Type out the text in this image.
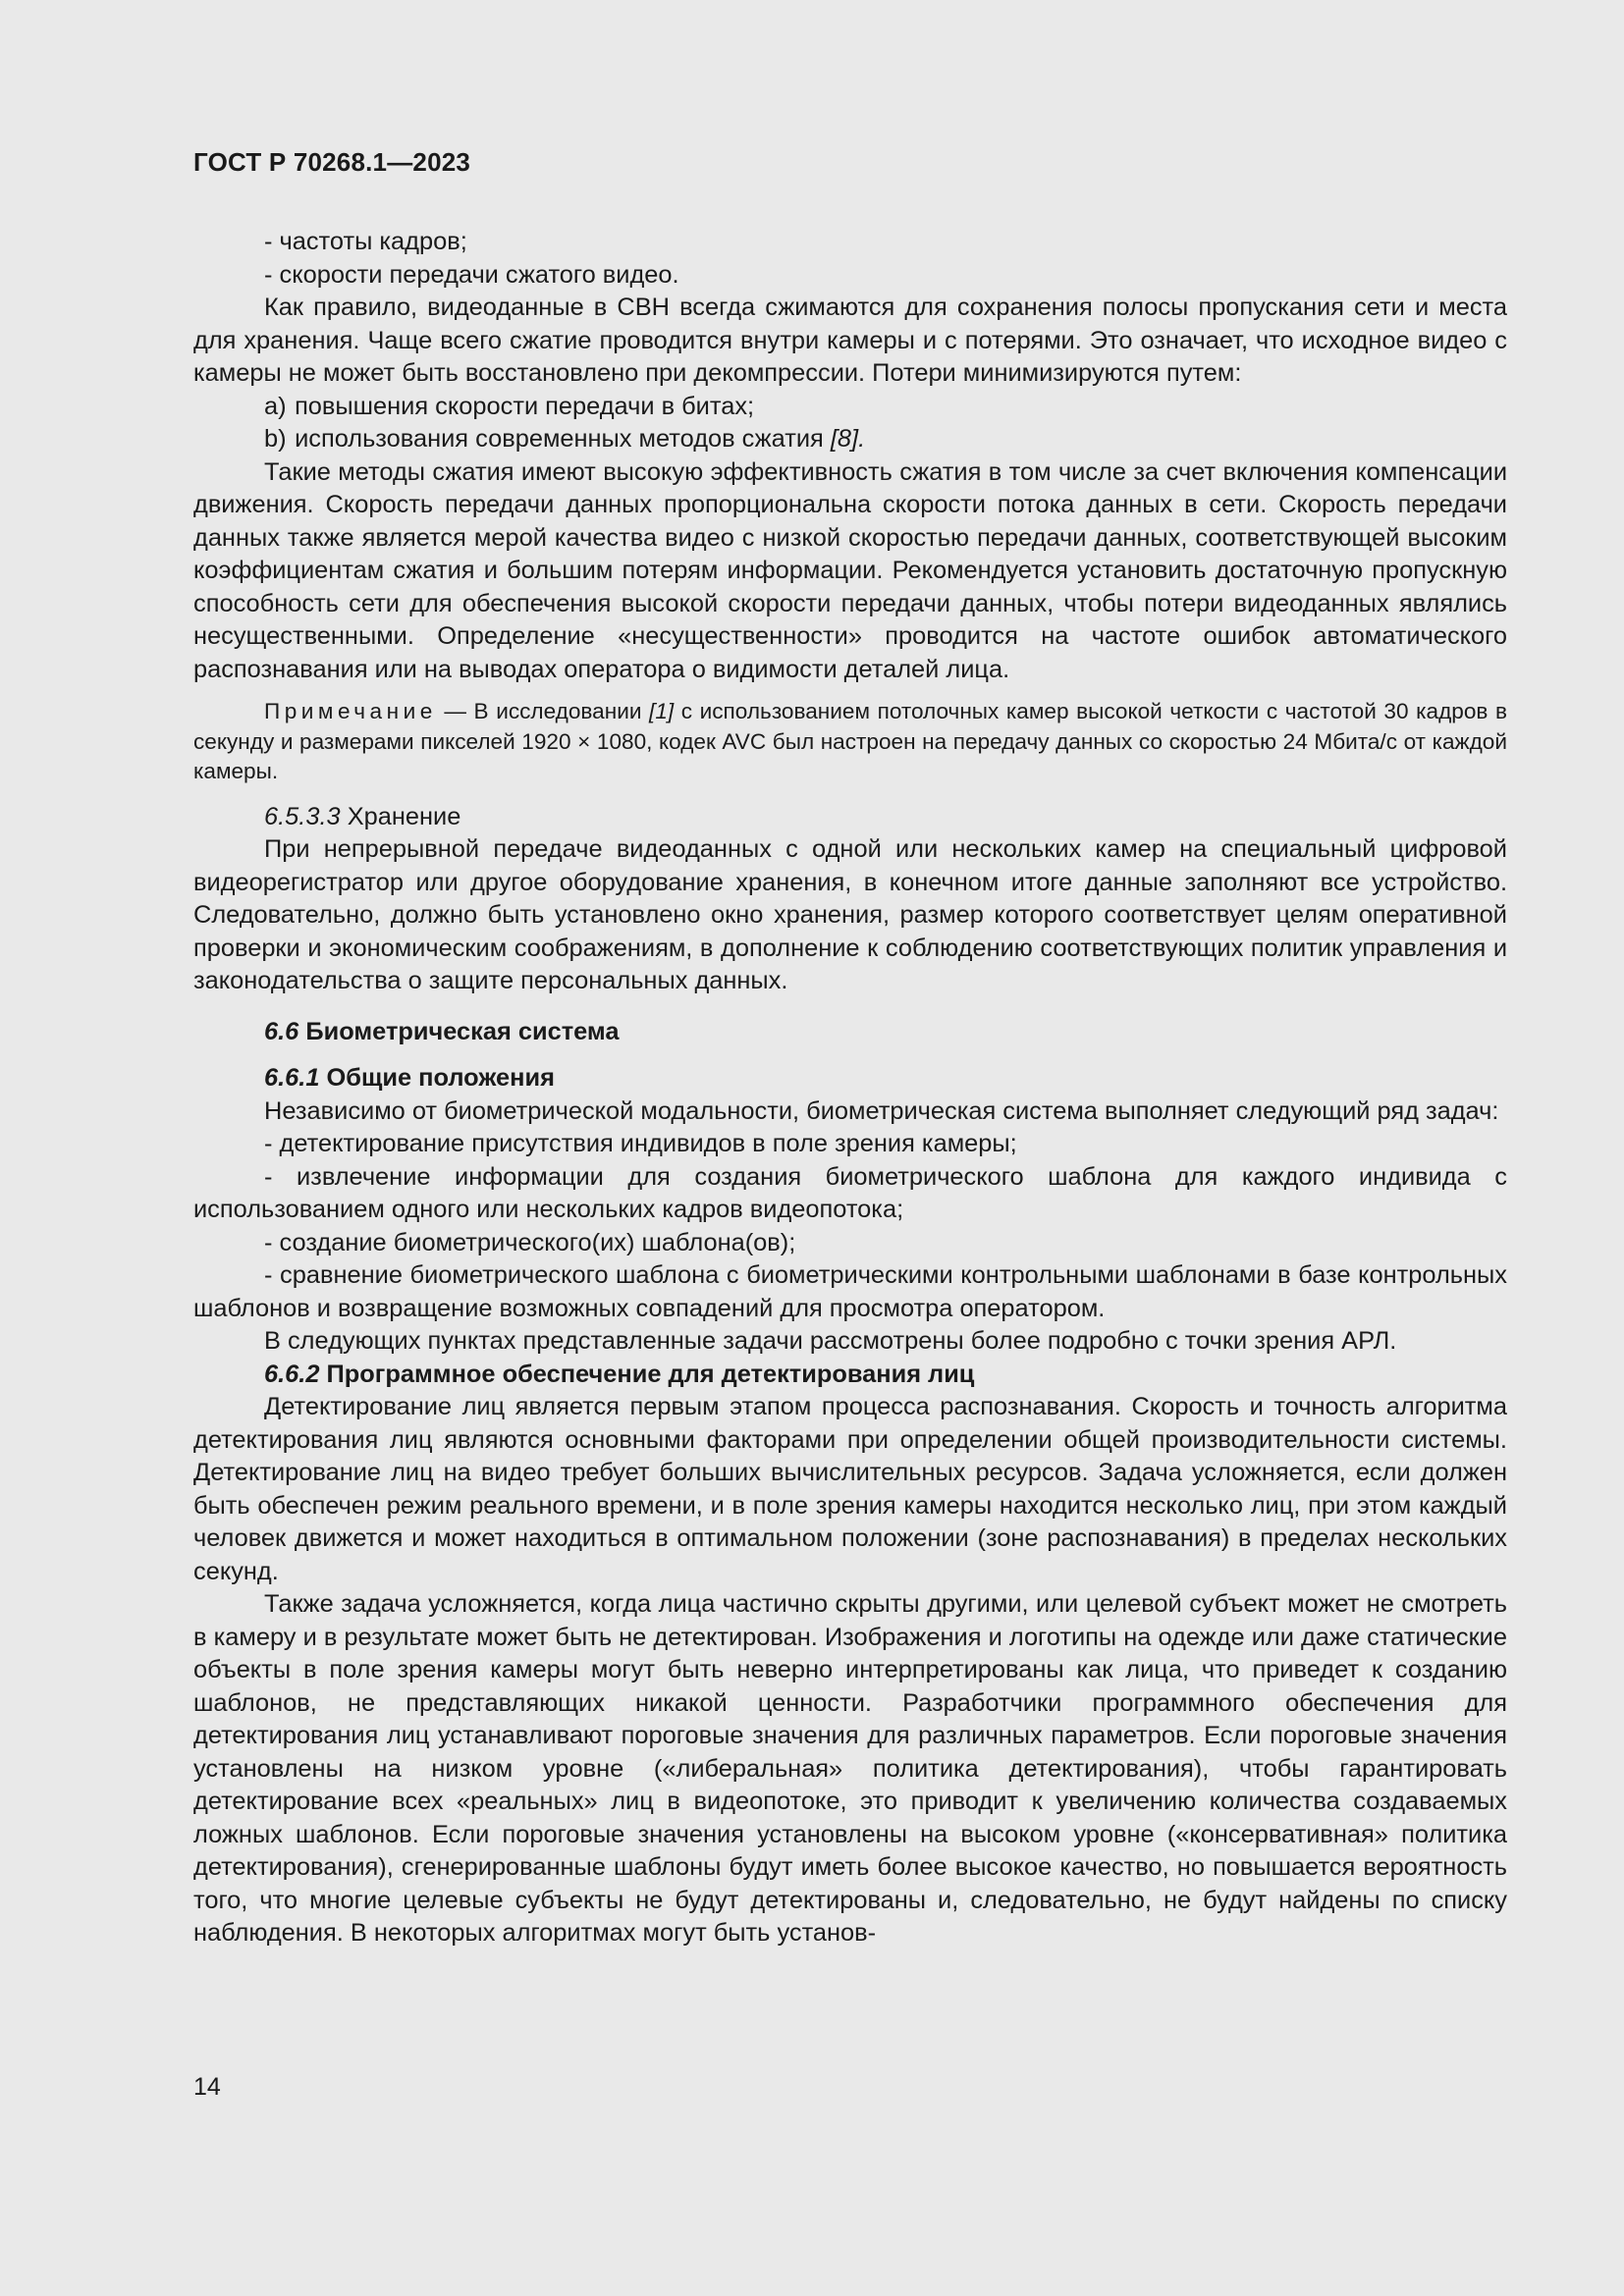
ГОСТ Р 70268.1—2023

- частоты кадров;

- скорости передачи сжатого видео.

Как правило, видеоданные в СВН всегда сжимаются для сохранения полосы пропускания сети и места для хранения. Чаще всего сжатие проводится внутри камеры и с потерями. Это означает, что исходное видео с камеры не может быть восстановлено при декомпрессии. Потери минимизируются путем:

a) повышения скорости передачи в битах;

b) использования современных методов сжатия [8].

Такие методы сжатия имеют высокую эффективность сжатия в том числе за счет включения компенсации движения. Скорость передачи данных пропорциональна скорости потока данных в сети. Скорость передачи данных также является мерой качества видео с низкой скоростью передачи данных, соответствующей высоким коэффициентам сжатия и большим потерям информации. Рекомендуется установить достаточную пропускную способность сети для обеспечения высокой скорости передачи данных, чтобы потери видеоданных являлись несущественными. Определение «несущественности» проводится на частоте ошибок автоматического распознавания или на выводах оператора о видимости деталей лица.

Примечание — В исследовании [1] с использованием потолочных камер высокой четкости с частотой 30 кадров в секунду и размерами пикселей 1920 × 1080, кодек AVC был настроен на передачу данных со скоростью 24 Мбита/с от каждой камеры.

6.5.3.3 Хранение

При непрерывной передаче видеоданных с одной или нескольких камер на специальный цифровой видеорегистратор или другое оборудование хранения, в конечном итоге данные заполняют все устройство. Следовательно, должно быть установлено окно хранения, размер которого соответствует целям оперативной проверки и экономическим соображениям, в дополнение к соблюдению соответствующих политик управления и законодательства о защите персональных данных.

6.6 Биометрическая система

6.6.1 Общие положения

Независимо от биометрической модальности, биометрическая система выполняет следующий ряд задач:

- детектирование присутствия индивидов в поле зрения камеры;

- извлечение информации для создания биометрического шаблона для каждого индивида с использованием одного или нескольких кадров видеопотока;

- создание биометрического(их) шаблона(ов);

- сравнение биометрического шаблона с биометрическими контрольными шаблонами в базе контрольных шаблонов и возвращение возможных совпадений для просмотра оператором.

В следующих пунктах представленные задачи рассмотрены более подробно с точки зрения АРЛ.

6.6.2 Программное обеспечение для детектирования лиц

Детектирование лиц является первым этапом процесса распознавания. Скорость и точность алгоритма детектирования лиц являются основными факторами при определении общей производительности системы. Детектирование лиц на видео требует больших вычислительных ресурсов. Задача усложняется, если должен быть обеспечен режим реального времени, и в поле зрения камеры находится несколько лиц, при этом каждый человек движется и может находиться в оптимальном положении (зоне распознавания) в пределах нескольких секунд.

Также задача усложняется, когда лица частично скрыты другими, или целевой субъект может не смотреть в камеру и в результате может быть не детектирован. Изображения и логотипы на одежде или даже статические объекты в поле зрения камеры могут быть неверно интерпретированы как лица, что приведет к созданию шаблонов, не представляющих никакой ценности. Разработчики программного обеспечения для детектирования лиц устанавливают пороговые значения для различных параметров. Если пороговые значения установлены на низком уровне («либеральная» политика детектирования), чтобы гарантировать детектирование всех «реальных» лиц в видеопотоке, это приводит к увеличению количества создаваемых ложных шаблонов. Если пороговые значения установлены на высоком уровне («консервативная» политика детектирования), сгенерированные шаблоны будут иметь более высокое качество, но повышается вероятность того, что многие целевые субъекты не будут детектированы и, следовательно, не будут найдены по списку наблюдения. В некоторых алгоритмах могут быть установ-

14
